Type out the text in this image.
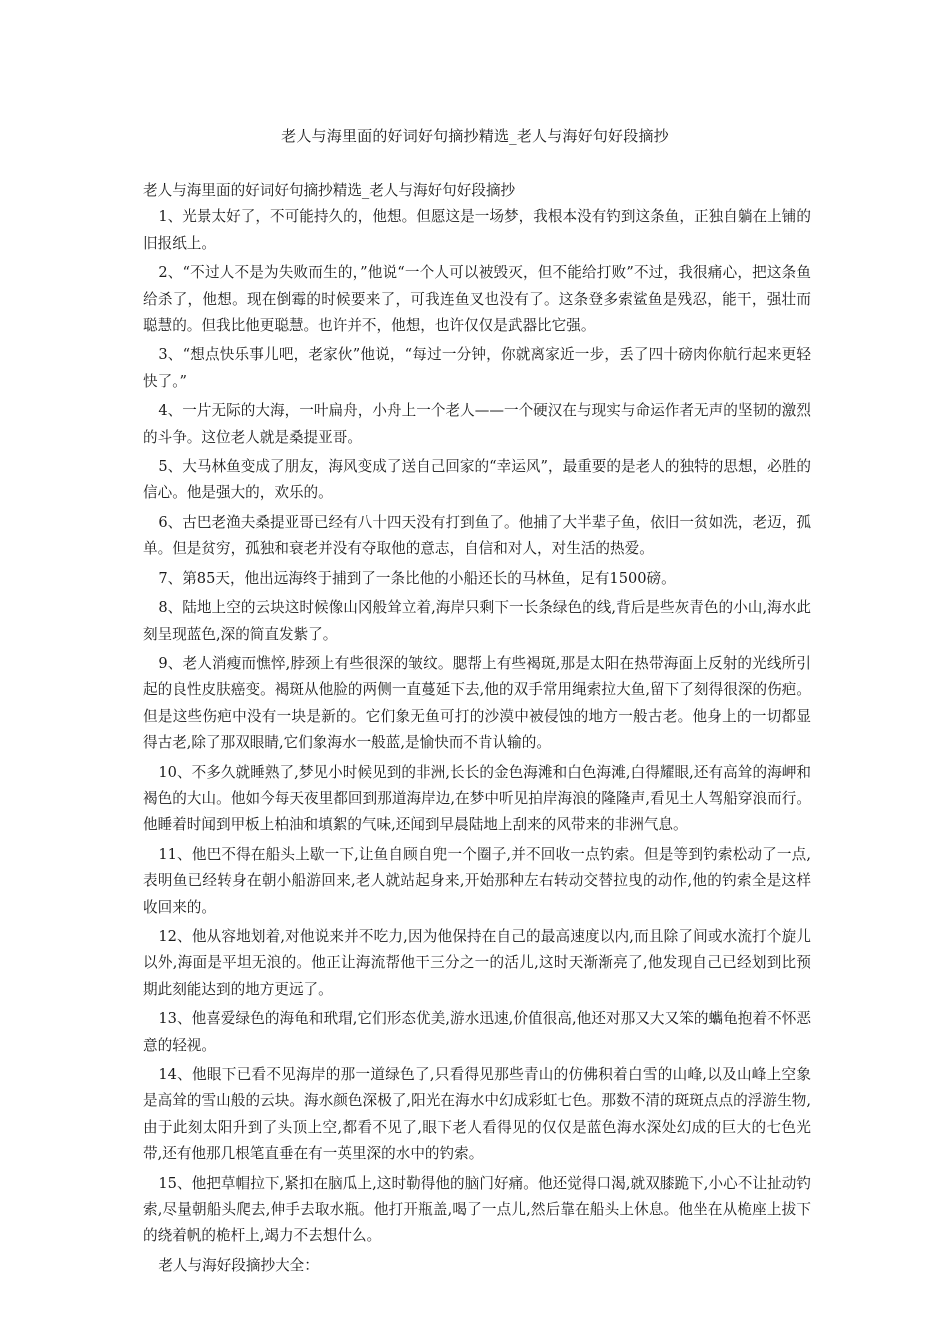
老人与海里面的好词好句摘抄精选_老人与海好句好段摘抄

老人与海里面的好词好句摘抄精选_老人与海好句好段摘抄

1、光景太好了，不可能持久的，他想。但愿这是一场梦，我根本没有钓到这条鱼，正独自躺在上铺的旧报纸上。

2、“不过人不是为失败而生的，”他说“一个人可以被毁灭，但不能给打败”不过，我很痛心，把这条鱼给杀了，他想。现在倒霉的时候要来了，可我连鱼叉也没有了。这条登多索鲨鱼是残忍，能干，强壮而聪慧的。但我比他更聪慧。也许并不，他想，也许仅仅是武器比它强。

3、“想点快乐事儿吧，老家伙”他说，“每过一分钟，你就离家近一步，丢了四十磅肉你航行起来更轻快了。”

4、一片无际的大海，一叶扁舟，小舟上一个老人——一个硬汉在与现实与命运作者无声的坚韧的激烈的斗争。这位老人就是桑提亚哥。

5、大马林鱼变成了朋友，海风变成了送自己回家的“幸运风”，最重要的是老人的独特的思想，必胜的信心。他是强大的，欢乐的。

6、古巴老渔夫桑提亚哥已经有八十四天没有打到鱼了。他捕了大半辈子鱼，依旧一贫如洗，老迈，孤单。但是贫穷，孤独和衰老并没有夺取他的意志，自信和对人，对生活的热爱。

7、第85天，他出远海终于捕到了一条比他的小船还长的马林鱼，足有1500磅。

8、陆地上空的云块这时候像山冈般耸立着,海岸只剩下一长条绿色的线,背后是些灰青色的小山,海水此刻呈现蓝色,深的简直发紫了。

9、老人消瘦而憔悴,脖颈上有些很深的皱纹。腮帮上有些褐斑,那是太阳在热带海面上反射的光线所引起的良性皮肤癌变。褐斑从他脸的两侧一直蔓延下去,他的双手常用绳索拉大鱼,留下了刻得很深的伤疤。但是这些伤疤中没有一块是新的。它们象无鱼可打的沙漠中被侵蚀的地方一般古老。他身上的一切都显得古老,除了那双眼睛,它们象海水一般蓝,是愉快而不肯认输的。

10、不多久就睡熟了,梦见小时候见到的非洲,长长的金色海滩和白色海滩,白得耀眼,还有高耸的海岬和褐色的大山。他如今每天夜里都回到那道海岸边,在梦中听见拍岸海浪的隆隆声,看见土人驾船穿浪而行。他睡着时闻到甲板上柏油和填絮的气味,还闻到早晨陆地上刮来的风带来的非洲气息。

11、他巴不得在船头上歇一下,让鱼自顾自兜一个圈子,并不回收一点钓索。但是等到钓索松动了一点,表明鱼已经转身在朝小船游回来,老人就站起身来,开始那种左右转动交替拉曳的动作,他的钓索全是这样收回来的。

12、他从容地划着,对他说来并不吃力,因为他保持在自己的最高速度以内,而且除了间或水流打个旋儿以外,海面是平坦无浪的。他正让海流帮他干三分之一的活儿,这时天渐渐亮了,他发现自己已经划到比预期此刻能达到的地方更远了。

13、他喜爱绿色的海龟和玳瑁,它们形态优美,游水迅速,价值很高,他还对那又大又笨的蠵龟抱着不怀恶意的轻视。

14、他眼下已看不见海岸的那一道绿色了,只看得见那些青山的仿佛积着白雪的山峰,以及山峰上空象是高耸的雪山般的云块。海水颜色深极了,阳光在海水中幻成彩虹七色。那数不清的斑斑点点的浮游生物,由于此刻太阳升到了头顶上空,都看不见了,眼下老人看得见的仅仅是蓝色海水深处幻成的巨大的七色光带,还有他那几根笔直垂在有一英里深的水中的钓索。

15、他把草帽拉下,紧扣在脑瓜上,这时勒得他的脑门好痛。他还觉得口渴,就双膝跪下,小心不让扯动钓索,尽量朝船头爬去,伸手去取水瓶。他打开瓶盖,喝了一点儿,然后靠在船头上休息。他坐在从桅座上拔下的绕着帆的桅杆上,竭力不去想什么。

老人与海好段摘抄大全：
